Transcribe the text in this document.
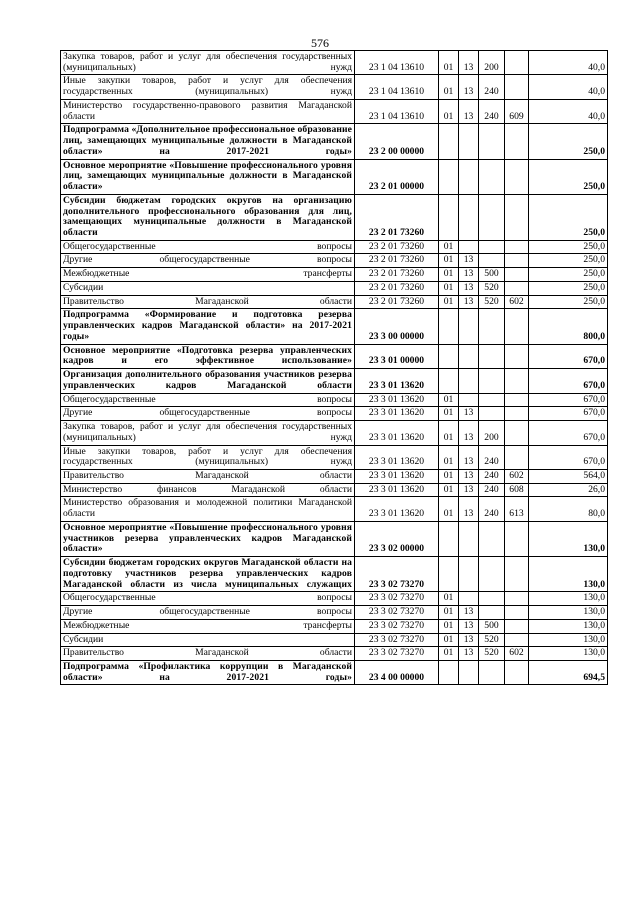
576
Закупка товаров, работ и услуг для обеспечения государственных (муниципальных) нужд	23 1 04 13610	01	13	200		40,0
Иные закупки товаров, работ и услуг для обеспечения государственных (муниципальных) нужд	23 1 04 13610	01	13	240		40,0
Министерство государственно-правового развития Магаданской области	23 1 04 13610	01	13	240	609	40,0
Подпрограмма «Дополнительное профессиональное образование лиц, замещающих муниципальные должности в Магаданской области» на 2017-2021 годы»	23 2 00 00000					250,0
Основное мероприятие «Повышение профессионального уровня лиц, замещающих муниципальные должности в Магаданской области»	23 2 01 00000					250,0
Субсидии бюджетам городских округов на организацию дополнительного профессионального образования для лиц, замещающих муниципальные должности в Магаданской области	23 2 01 73260					250,0
Общегосударственные вопросы	23 2 01 73260	01				250,0
Другие общегосударственные вопросы	23 2 01 73260	01	13			250,0
Межбюджетные трансферты	23 2 01 73260	01	13	500		250,0
Субсидии	23 2 01 73260	01	13	520		250,0
Правительство Магаданской области	23 2 01 73260	01	13	520	602	250,0
Подпрограмма «Формирование и подготовка резерва управленческих кадров Магаданской области» на 2017-2021 годы»	23 3 00 00000					800,0
Основное мероприятие «Подготовка резерва управленческих кадров и его эффективное использование»	23 3 01 00000					670,0
Организация дополнительного образования участников резерва управленческих кадров Магаданской области	23 3 01 13620					670,0
Общегосударственные вопросы	23 3 01 13620	01				670,0
Другие общегосударственные вопросы	23 3 01 13620	01	13			670,0
Закупка товаров, работ и услуг для обеспечения государственных (муниципальных) нужд	23 3 01 13620	01	13	200		670,0
Иные закупки товаров, работ и услуг для обеспечения государственных (муниципальных) нужд	23 3 01 13620	01	13	240		670,0
Правительство Магаданской области	23 3 01 13620	01	13	240	602	564,0
Министерство финансов Магаданской области	23 3 01 13620	01	13	240	608	26,0
Министерство образования и молодежной политики Магаданской области	23 3 01 13620	01	13	240	613	80,0
Основное мероприятие «Повышение профессионального уровня участников резерва управленческих кадров Магаданской области»	23 3 02 00000					130,0
Субсидии бюджетам городских округов Магаданской области на подготовку участников резерва управленческих кадров Магаданской области из числа муниципальных служащих	23 3 02 73270					130,0
Общегосударственные вопросы	23 3 02 73270	01				130,0
Другие общегосударственные вопросы	23 3 02 73270	01	13			130,0
Межбюджетные трансферты	23 3 02 73270	01	13	500		130,0
Субсидии	23 3 02 73270	01	13	520		130,0
Правительство Магаданской области	23 3 02 73270	01	13	520	602	130,0
Подпрограмма «Профилактика коррупции в Магаданской области» на 2017-2021 годы»	23 4 00 00000					694,5
